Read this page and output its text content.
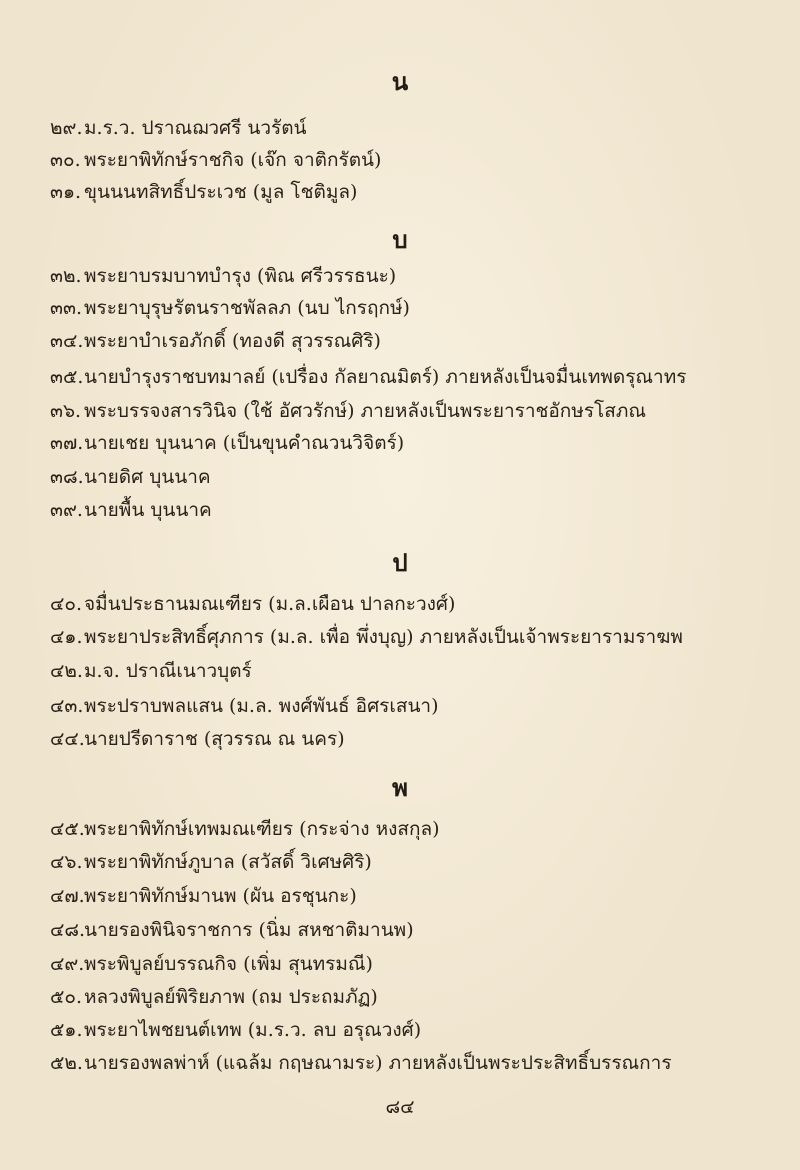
น
๒๙. ม.ร.ว. ปราณฌวศรี นวรัตน์
๓๐. พระยาพิทักษ์ราชกิจ (เจ๊ก จาติกรัตน์)
๓๑. ขุนนนทสิทธิ์ประเวช (มูล โชติมูล)
บ
๓๒. พระยาบรมบาทบำรุง (พิณ ศรีวรรธนะ)
๓๓. พระยาบุรุษรัตนราชพัลลภ (นบ ไกรฤกษ์)
๓๔. พระยาบำเรอภักดิ์ (ทองดี สุวรรณศิริ)
๓๕. นายบำรุงราชบทมาลย์ (เปรื่อง กัลยาณมิตร์) ภายหลังเป็นจมื่นเทพดรุณาทร
๓๖. พระบรรจงสารวินิจ (ใช้ อัศวรักษ์) ภายหลังเป็นพระยาราชอักษรโสภณ
๓๗. นายเชย บุนนาค (เป็นขุนคำณวนวิจิตร์)
๓๘. นายดิศ บุนนาค
๓๙. นายพื้น บุนนาค
ป
๔๐. จมื่นประธานมณเฑียร (ม.ล.เผือน ปาลกะวงศ์)
๔๑. พระยาประสิทธิ์ศุภการ (ม.ล. เพื่อ พึ่งบุญ) ภายหลังเป็นเจ้าพระยารามราฆพ
๔๒. ม.จ. ปราณีเนาวบุตร์
๔๓. พระปราบพลแสน (ม.ล. พงศ์พันธ์ อิศรเสนา)
๔๔. นายปรีดาราช (สุวรรณ ณ นคร)
พ
๔๕. พระยาพิทักษ์เทพมณเฑียร (กระจ่าง หงสกุล)
๔๖. พระยาพิทักษ์ภูบาล (สวัสดิ์ วิเศษศิริ)
๔๗. พระยาพิทักษ์มานพ (ผัน อรชุนกะ)
๔๘.
นายรองพินิจราชการ (นิ่ม สหชาติมานพ)
๔๙. พระพิบูลย์บรรณกิจ (เพิ่ม สุนทรมณี)
๕๐. หลวงพิบูลย์พิริยภาพ (ถม ประถมภัฏ)
๕๑. พระยาไพชยนต์เทพ (ม.ร.ว. ลบ อรุณวงศ์)
๕๒. นายรองพลพ่าห์ (แฉล้ม กฤษณามระ) ภายหลังเป็นพระประสิทธิ์บรรณการ
๘๔
